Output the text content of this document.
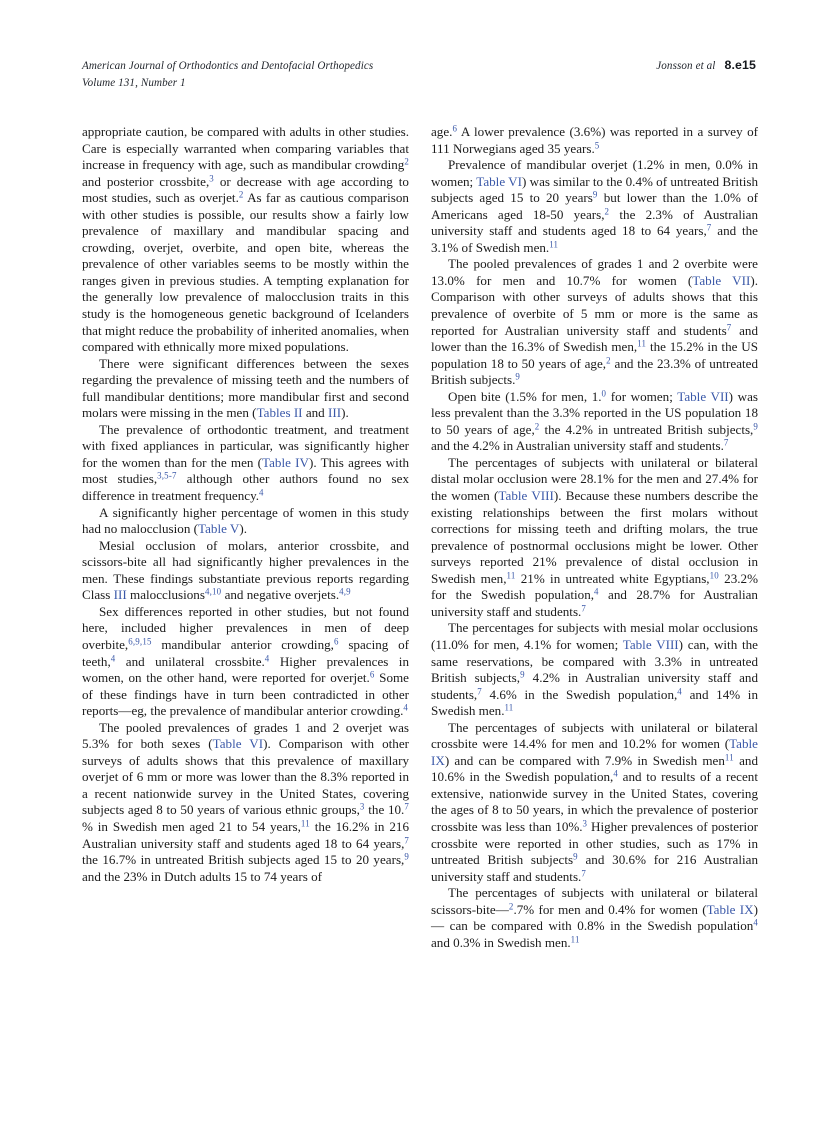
American Journal of Orthodontics and Dentofacial Orthopedics
Volume 131, Number 1
Jonsson et al 8.e15

appropriate caution, be compared with adults in other studies. Care is especially warranted when comparing variables that increase in frequency with age, such as mandibular crowding$^2$ and posterior crossbite,$^3$ or decrease with age according to most studies, such as overjet.$^2$ As far as cautious comparison with other studies is possible, our results show a fairly low prevalence of maxillary and mandibular spacing and crowding, overjet, overbite, and open bite, whereas the prevalence of other variables seems to be mostly within the ranges given in previous studies. A tempting explanation for the generally low prevalence of malocclusion traits in this study is the homogeneous genetic background of Icelanders that might reduce the probability of inherited anomalies, when compared with ethnically more mixed populations.

There were significant differences between the sexes regarding the prevalence of missing teeth and the numbers of full mandibular dentitions; more mandibular first and second molars were missing in the men (Tables II and III).

The prevalence of orthodontic treatment, and treatment with fixed appliances in particular, was significantly higher for the women than for the men (Table IV). This agrees with most studies,$^{3,5-7}$ although other authors found no sex difference in treatment frequency.$^4$

A significantly higher percentage of women in this study had no malocclusion (Table V).

Mesial occlusion of molars, anterior crossbite, and scissors-bite all had significantly higher prevalences in the men. These findings substantiate previous reports regarding Class III malocclusions$^{4,10}$ and negative overjets.$^{4,9}$

Sex differences reported in other studies, but not found here, included higher prevalences in men of deep overbite,$^{6,9,15}$ mandibular anterior crowding,$^6$ spacing of teeth,$^4$ and unilateral crossbite.$^4$ Higher prevalences in women, on the other hand, were reported for overjet.$^6$ Some of these findings have in turn been contradicted in other reports—eg, the prevalence of mandibular anterior crowding.$^4$

The pooled prevalences of grades 1 and 2 overjet was 5.3% for both sexes (Table VI). Comparison with other surveys of adults shows that this prevalence of maxillary overjet of 6 mm or more was lower than the 8.3% reported in a recent nationwide survey in the United States, covering subjects aged 8 to 50 years of various ethnic groups,$^3$ the 10.$^7$ % in Swedish men aged 21 to 54 years,$^{11}$ the 16.2% in 216 Australian university staff and students aged 18 to 64 years,$^7$ the 16.7% in untreated British subjects aged 15 to 20 years,$^9$ and the 23% in Dutch adults 15 to 74 years of

age.$^6$ A lower prevalence (3.6%) was reported in a survey of 111 Norwegians aged 35 years.$^5$

Prevalence of mandibular overjet (1.2% in men, 0.0% in women; Table VI) was similar to the 0.4% of untreated British subjects aged 15 to 20 years$^9$ but lower than the 1.0% of Americans aged 18-50 years,$^2$ the 2.3% of Australian university staff and students aged 18 to 64 years,$^7$ and the 3.1% of Swedish men.$^{11}$

The pooled prevalences of grades 1 and 2 overbite were 13.0% for men and 10.7% for women (Table VII). Comparison with other surveys of adults shows that this prevalence of overbite of 5 mm or more is the same as reported for Australian university staff and students$^7$ and lower than the 16.3% of Swedish men,$^{11}$ the 15.2% in the US population 18 to 50 years of age,$^2$ and the 23.3% of untreated British subjects.$^9$

Open bite (1.5% for men, 1.$^0$ for women; Table VII) was less prevalent than the 3.3% reported in the US population 18 to 50 years of age,$^2$ the 4.2% in untreated British subjects,$^9$ and the 4.2% in Australian university staff and students.$^7$

The percentages of subjects with unilateral or bilateral distal molar occlusion were 28.1% for the men and 27.4% for the women (Table VIII). Because these numbers describe the existing relationships between the first molars without corrections for missing teeth and drifting molars, the true prevalence of postnormal occlusions might be lower. Other surveys reported 21% prevalence of distal occlusion in Swedish men,$^{11}$ 21% in untreated white Egyptians,$^{10}$ 23.2% for the Swedish population,$^4$ and 28.7% for Australian university staff and students.$^7$

The percentages for subjects with mesial molar occlusions (11.0% for men, 4.1% for women; Table VIII) can, with the same reservations, be compared with 3.3% in untreated British subjects,$^9$ 4.2% in Australian university staff and students,$^7$ 4.6% in the Swedish population,$^4$ and 14% in Swedish men.$^{11}$

The percentages of subjects with unilateral or bilateral crossbite were 14.4% for men and 10.2% for women (Table IX) and can be compared with 7.9% in Swedish men$^{11}$ and 10.6% in the Swedish population,$^4$ and to results of a recent extensive, nationwide survey in the United States, covering the ages of 8 to 50 years, in which the prevalence of posterior crossbite was less than 10%.$^3$ Higher prevalences of posterior crossbite were reported in other studies, such as 17% in untreated British subjects$^9$ and 30.6% for 216 Australian university staff and students.$^7$

The percentages of subjects with unilateral or bilateral scissors-bite—$^2$.7% for men and 0.4% for women (Table IX)— can be compared with 0.8% in the Swedish population$^4$ and 0.3% in Swedish men.$^{11}$
